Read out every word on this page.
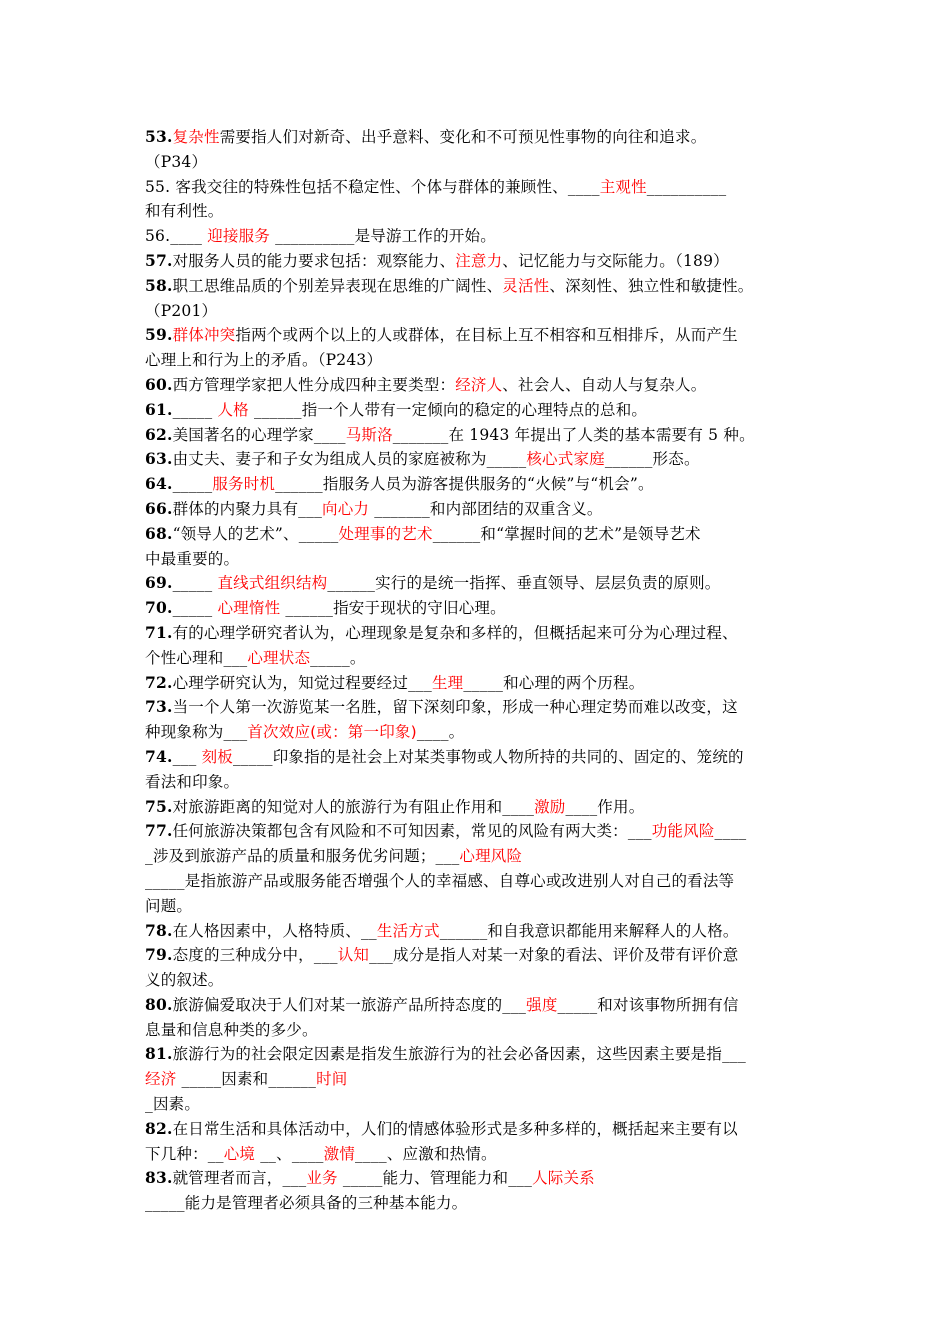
53.复杂性需要指人们对新奇、出乎意料、变化和不可预见性事物的向往和追求。
（P34）
55. 客我交往的特殊性包括不稳定性、个体与群体的兼顾性、____主观性__________
和有利性。
56.____ 迎接服务 __________是导游工作的开始。
57.对服务人员的能力要求包括：观察能力、注意力、记忆能力与交际能力。（189）
58.职工思维品质的个别差异表现在思维的广阔性、灵活性、深刻性、独立性和敏捷性。
（P201）
59.群体冲突指两个或两个以上的人或群体，在目标上互不相容和互相排斥，从而产生
心理上和行为上的矛盾。（P243）
60.西方管理学家把人性分成四种主要类型：经济人、社会人、自动人与复杂人。
61._____ 人格 ______指一个人带有一定倾向的稳定的心理特点的总和。
62.美国著名的心理学家____马斯洛_______在 1943 年提出了人类的基本需要有 5 种。
63.由丈夫、妻子和子女为组成人员的家庭被称为_____核心式家庭______形态。
64._____服务时机______指服务人员为游客提供服务的“火候”与“机会”。
66.群体的内聚力具有___向心力 _______和内部团结的双重含义。
68.“领导人的艺术”、_____处理事的艺术______和“掌握时间的艺术”是领导艺术
中最重要的。
69._____ 直线式组织结构______实行的是统一指挥、垂直领导、层层负责的原则。
70._____ 心理惰性 ______指安于现状的守旧心理。
71.有的心理学研究者认为，心理现象是复杂和多样的，但概括起来可分为心理过程、
个性心理和___心理状态_____。
72.心理学研究认为，知觉过程要经过___生理_____和心理的两个历程。
73.当一个人第一次游览某一名胜，留下深刻印象，形成一种心理定势而难以改变，这
种现象称为___首次效应(或：第一印象)____。
74.___ 刻板_____印象指的是社会上对某类事物或人物所持的共同的、固定的、笼统的
看法和印象。
75.对旅游距离的知觉对人的旅游行为有阻止作用和____激励____作用。
77.任何旅游决策都包含有风险和不可知因素，常见的风险有两大类：___功能风险____
_涉及到旅游产品的质量和服务优劣问题；___心理风险
_____是指旅游产品或服务能否增强个人的幸福感、自尊心或改进别人对自己的看法等
问题。
78.在人格因素中，人格特质、__生活方式______和自我意识都能用来解释人的人格。
79.态度的三种成分中，___认知___成分是指人对某一对象的看法、评价及带有评价意
义的叙述。
80.旅游偏爱取决于人们对某一旅游产品所持态度的___强度_____和对该事物所拥有信
息量和信息种类的多少。
81.旅游行为的社会限定因素是指发生旅游行为的社会必备因素，这些因素主要是指___
经济 _____因素和______时间
_因素。
82.在日常生活和具体活动中，人们的情感体验形式是多种多样的，概括起来主要有以
下几种：__心境 __、____激情____、应激和热情。
83.就管理者而言，___业务 _____能力、管理能力和___人际关系
_____能力是管理者必须具备的三种基本能力。
